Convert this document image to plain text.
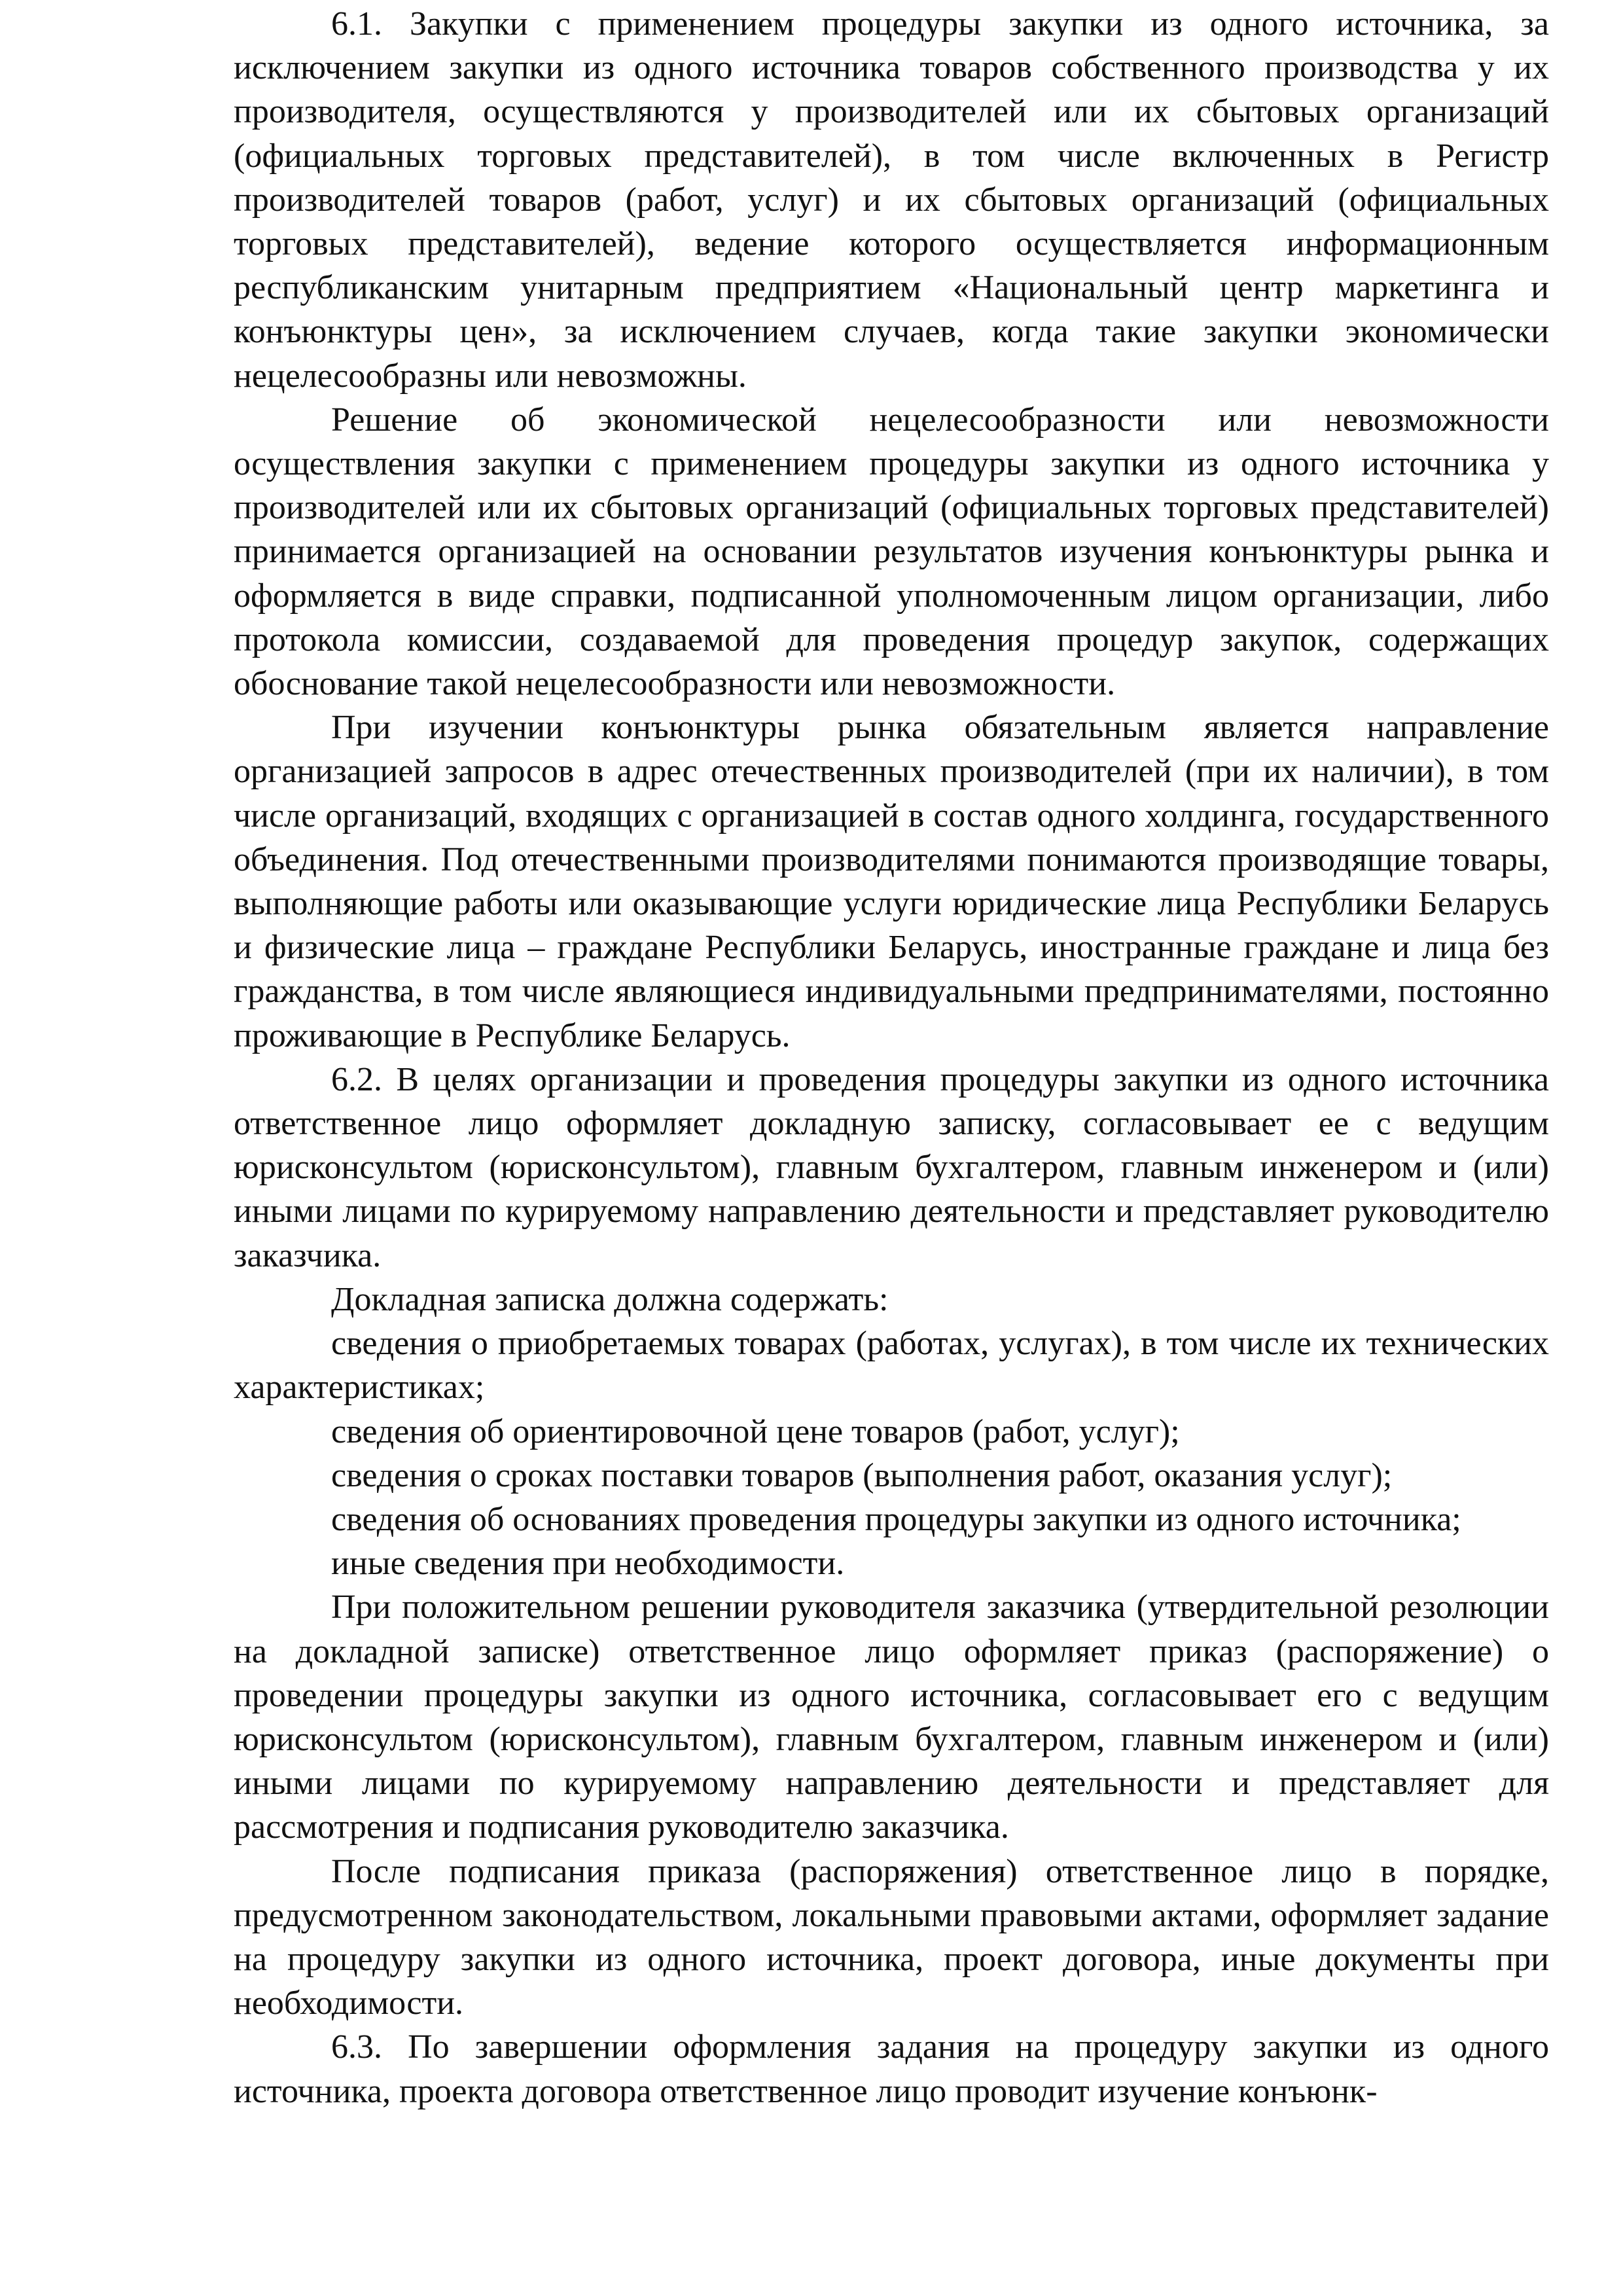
6.1. Закупки с применением процедуры закупки из одного источника, за исключением закупки из одного источника товаров собственного производства у их производителя, осуществляются у производителей или их сбытовых организаций (официальных торговых представителей), в том числе включенных в Регистр производителей товаров (работ, услуг) и их сбытовых организаций (официальных торговых представителей), ведение которого осуществляется информационным республиканским унитарным предприятием «Национальный центр маркетинга и конъюнктуры цен», за исключением случаев, когда такие закупки экономически нецелесообразны или невозможны.

Решение об экономической нецелесообразности или невозможности осуществления закупки с применением процедуры закупки из одного источника у производителей или их сбытовых организаций (официальных торговых представителей) принимается организацией на основании результатов изучения конъюнктуры рынка и оформляется в виде справки, подписанной уполномоченным лицом организации, либо протокола комиссии, создаваемой для проведения процедур закупок, содержащих обоснование такой нецелесообразности или невозможности.

При изучении конъюнктуры рынка обязательным является направление организацией запросов в адрес отечественных производителей (при их наличии), в том числе организаций, входящих с организацией в состав одного холдинга, государственного объединения. Под отечественными производителями понимаются производящие товары, выполняющие работы или оказывающие услуги юридические лица Республики Беларусь и физические лица – граждане Республики Беларусь, иностранные граждане и лица без гражданства, в том числе являющиеся индивидуальными предпринимателями, постоянно проживающие в Республике Беларусь.

6.2. В целях организации и проведения процедуры закупки из одного источника ответственное лицо оформляет докладную записку, согласовывает ее с ведущим юрисконсультом (юрисконсультом), главным бухгалтером, главным инженером и (или) иными лицами по курируемому направлению деятельности и представляет руководителю заказчика.

Докладная записка должна содержать:

сведения о приобретаемых товарах (работах, услугах), в том числе их технических характеристиках;

сведения об ориентировочной цене товаров (работ, услуг);

сведения о сроках поставки товаров (выполнения работ, оказания услуг);

сведения об основаниях проведения процедуры закупки из одного источника;

иные сведения при необходимости.

При положительном решении руководителя заказчика (утвердительной резолюции на докладной записке) ответственное лицо оформляет приказ (распоряжение) о проведении процедуры закупки из одного источника, согласовывает его с ведущим юрисконсультом (юрисконсультом), главным бухгалтером, главным инженером и (или) иными лицами по курируемому направлению деятельности и представляет для рассмотрения и подписания руководителю заказчика.

После подписания приказа (распоряжения) ответственное лицо в порядке, предусмотренном законодательством, локальными правовыми актами, оформляет задание на процедуру закупки из одного источника, проект договора, иные документы при необходимости.

6.3. По завершении оформления задания на процедуру закупки из одного источника, проекта договора ответственное лицо проводит изучение конъюнк-
